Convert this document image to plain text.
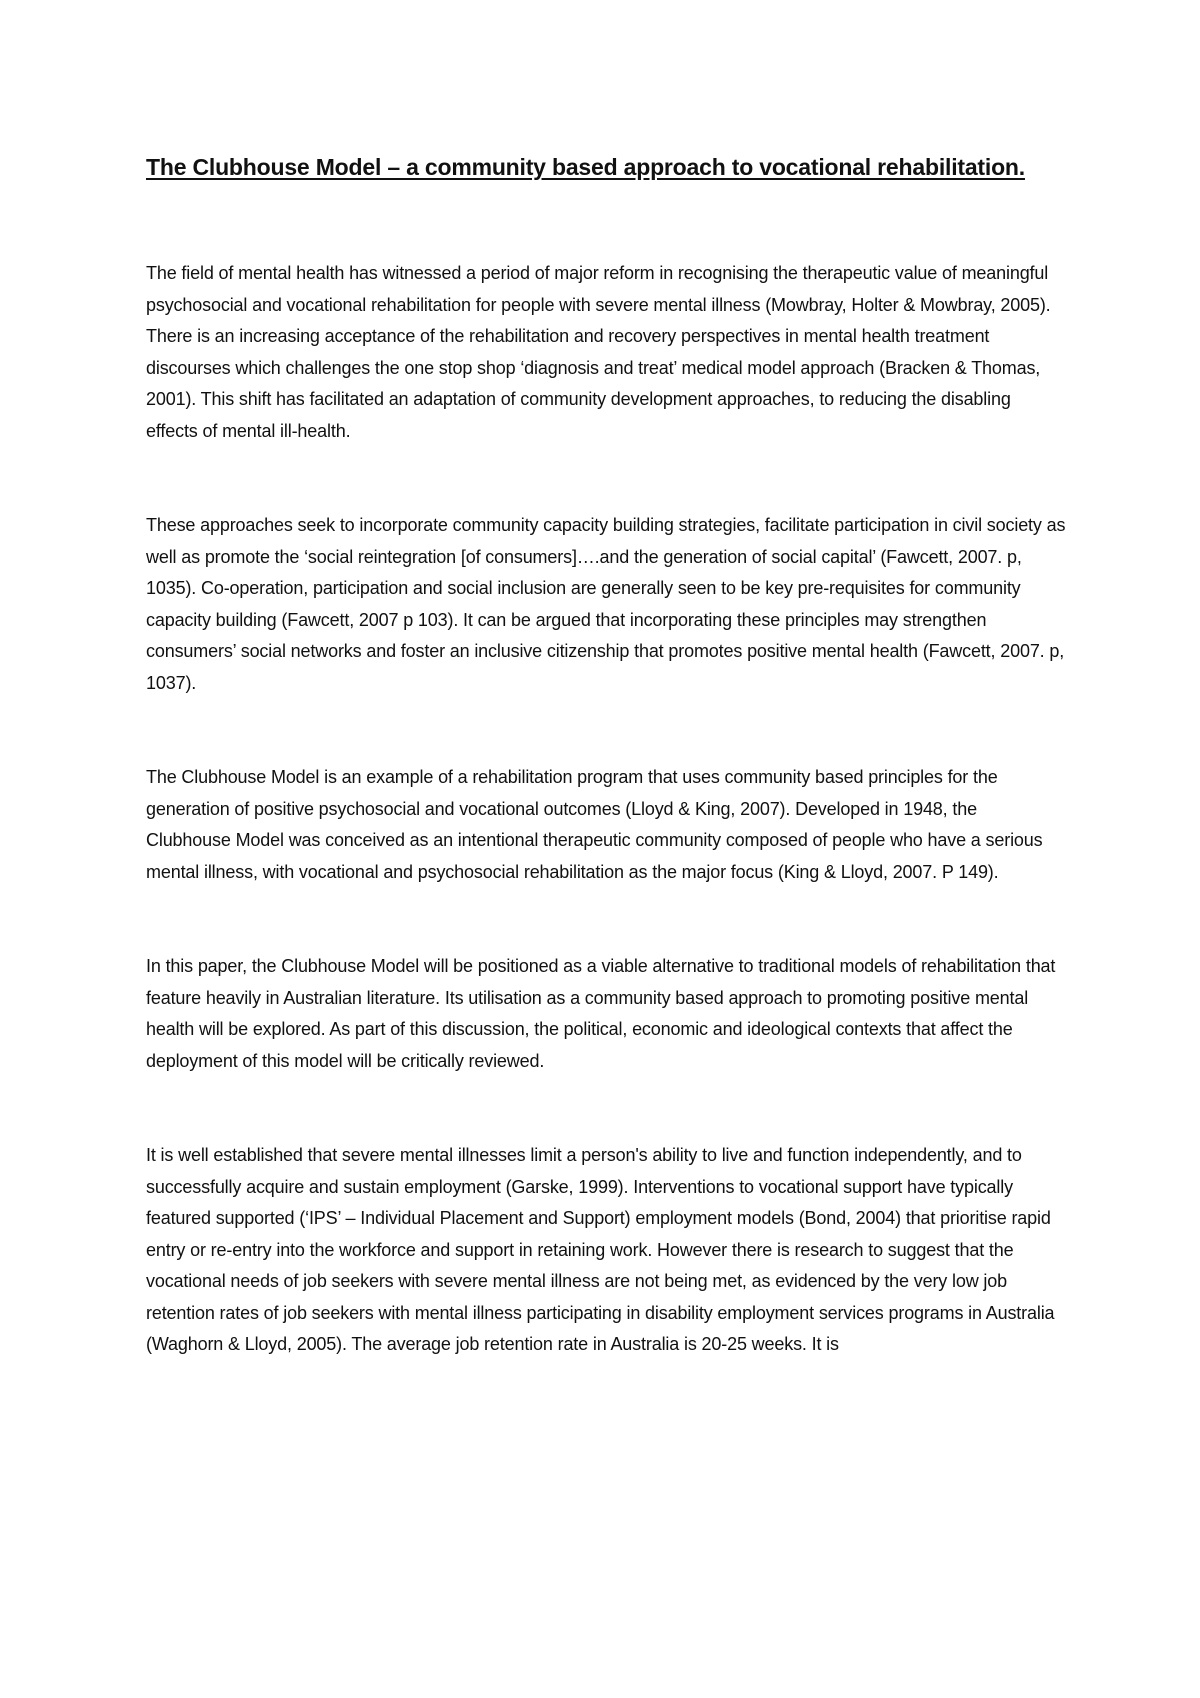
The Clubhouse Model – a community based approach to vocational rehabilitation.

The field of mental health has witnessed a period of major reform in recognising the therapeutic value of meaningful psychosocial and vocational rehabilitation for people with severe mental illness (Mowbray, Holter & Mowbray, 2005). There is an increasing acceptance of the rehabilitation and recovery perspectives in mental health treatment discourses which challenges the one stop shop ‘diagnosis and treat’ medical model approach (Bracken & Thomas, 2001). This shift has facilitated an adaptation of community development approaches, to reducing the disabling effects of mental ill-health.

These approaches seek to incorporate community capacity building strategies, facilitate participation in civil society as well as promote the ‘social reintegration [of consumers]….and the generation of social capital’ (Fawcett, 2007. p, 1035). Co-operation, participation and social inclusion are generally seen to be key pre-requisites for community capacity building (Fawcett, 2007 p 103). It can be argued that incorporating these principles may strengthen consumers’ social networks and foster an inclusive citizenship that promotes positive mental health (Fawcett, 2007. p, 1037).

The Clubhouse Model is an example of a rehabilitation program that uses community based principles for the generation of positive psychosocial and vocational outcomes (Lloyd & King, 2007). Developed in 1948, the Clubhouse Model was conceived as an intentional therapeutic community composed of people who have a serious mental illness, with vocational and psychosocial rehabilitation as the major focus (King & Lloyd, 2007. P 149).

In this paper, the Clubhouse Model will be positioned as a viable alternative to traditional models of rehabilitation that feature heavily in Australian literature. Its utilisation as a community based approach to promoting positive mental health will be explored. As part of this discussion, the political, economic and ideological contexts that affect the deployment of this model will be critically reviewed.

It is well established that severe mental illnesses limit a person's ability to live and function independently, and to successfully acquire and sustain employment (Garske, 1999). Interventions to vocational support have typically featured supported (‘IPS’ – Individual Placement and Support) employment models (Bond, 2004) that prioritise rapid entry or re-entry into the workforce and support in retaining work. However there is research to suggest that the vocational needs of job seekers with severe mental illness are not being met, as evidenced by the very low job retention rates of job seekers with mental illness participating in disability employment services programs in Australia (Waghorn & Lloyd, 2005). The average job retention rate in Australia is 20-25 weeks. It is
